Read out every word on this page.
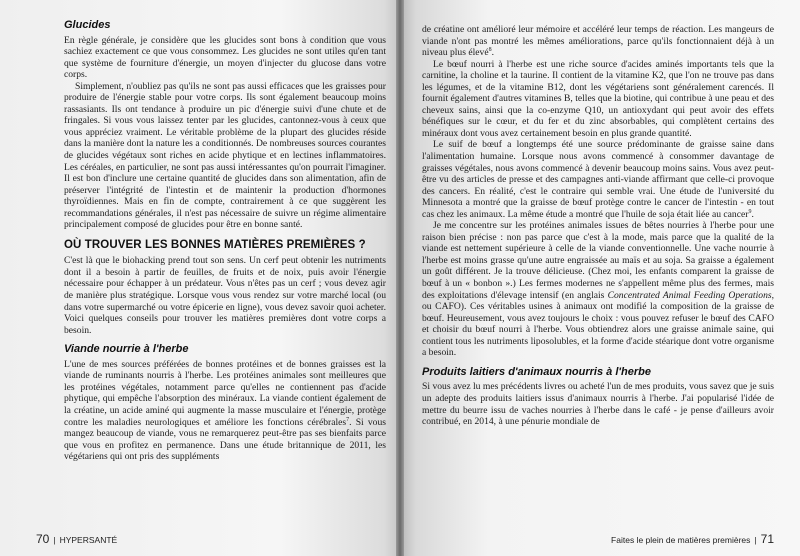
Glucides

En règle générale, je considère que les glucides sont bons à condition que vous sachiez exactement ce que vous consommez. Les glucides ne sont utiles qu'en tant que système de fourniture d'énergie, un moyen d'injecter du glucose dans votre corps.

Simplement, n'oubliez pas qu'ils ne sont pas aussi efficaces que les graisses pour produire de l'énergie stable pour votre corps. Ils sont également beaucoup moins rassasiants. Ils ont tendance à produire un pic d'énergie suivi d'une chute et de fringales. Si vous vous laissez tenter par les glucides, cantonnez-vous à ceux que vous appréciez vraiment. Le véritable problème de la plupart des glucides réside dans la manière dont la nature les a conditionnés. De nombreuses sources courantes de glucides végétaux sont riches en acide phytique et en lectines inflammatoires. Les céréales, en particulier, ne sont pas aussi intéressantes qu'on pourrait l'imaginer. Il est bon d'inclure une certaine quantité de glucides dans son alimentation, afin de préserver l'intégrité de l'intestin et de maintenir la production d'hormones thyroïdiennes. Mais en fin de compte, contrairement à ce que suggèrent les recommandations générales, il n'est pas nécessaire de suivre un régime alimentaire principalement composé de glucides pour être en bonne santé.

OÙ TROUVER LES BONNES MATIÈRES PREMIÈRES ?

C'est là que le biohacking prend tout son sens. Un cerf peut obtenir les nutriments dont il a besoin à partir de feuilles, de fruits et de noix, puis avoir l'énergie nécessaire pour échapper à un prédateur. Vous n'êtes pas un cerf ; vous devez agir de manière plus stratégique. Lorsque vous vous rendez sur votre marché local (ou dans votre supermarché ou votre épicerie en ligne), vous devez savoir quoi acheter. Voici quelques conseils pour trouver les matières premières dont votre corps a besoin.

Viande nourrie à l'herbe

L'une de mes sources préférées de bonnes protéines et de bonnes graisses est la viande de ruminants nourris à l'herbe. Les protéines animales sont meilleures que les protéines végétales, notamment parce qu'elles ne contiennent pas d'acide phytique, qui empêche l'absorption des minéraux. La viande contient également de la créatine, un acide aminé qui augmente la masse musculaire et l'énergie, protège contre les maladies neurologiques et améliore les fonctions cérébrales$^7$. Si vous mangez beaucoup de viande, vous ne remarquerez peut-être pas ses bienfaits parce que vous en profitez en permanence. Dans une étude britannique de 2011, les végétariens qui ont pris des suppléments

70 | HYPERSANTÉ

de créatine ont amélioré leur mémoire et accéléré leur temps de réaction. Les mangeurs de viande n'ont pas montré les mêmes améliorations, parce qu'ils fonctionnaient déjà à un niveau plus élevé$^8$.

Le bœuf nourri à l'herbe est une riche source d'acides aminés importants tels que la carnitine, la choline et la taurine. Il contient de la vitamine K2, que l'on ne trouve pas dans les légumes, et de la vitamine B12, dont les végétariens sont généralement carencés. Il fournit également d'autres vitamines B, telles que la biotine, qui contribue à une peau et des cheveux sains, ainsi que la co-enzyme Q10, un antioxydant qui peut avoir des effets bénéfiques sur le cœur, et du fer et du zinc absorbables, qui complètent certains des minéraux dont vous avez certainement besoin en plus grande quantité.

Le suif de bœuf a longtemps été une source prédominante de graisse saine dans l'alimentation humaine. Lorsque nous avons commencé à consommer davantage de graisses végétales, nous avons commencé à devenir beaucoup moins sains. Vous avez peut-être vu des articles de presse et des campagnes anti-viande affirmant que celle-ci provoque des cancers. En réalité, c'est le contraire qui semble vrai. Une étude de l'université du Minnesota a montré que la graisse de bœuf protège contre le cancer de l'intestin - en tout cas chez les animaux. La même étude a montré que l'huile de soja était liée au cancer$^9$.

Je me concentre sur les protéines animales issues de bêtes nourries à l'herbe pour une raison bien précise : non pas parce que c'est à la mode, mais parce que la qualité de la viande est nettement supérieure à celle de la viande conventionnelle. Une vache nourrie à l'herbe est moins grasse qu'une autre engraissée au maïs et au soja. Sa graisse a également un goût différent. Je la trouve délicieuse. (Chez moi, les enfants comparent la graisse de bœuf à un « bonbon ».) Les fermes modernes ne s'appellent même plus des fermes, mais des exploitations d'élevage intensif (en anglais Concentrated Animal Feeding Operations, ou CAFO). Ces véritables usines à animaux ont modifié la composition de la graisse de bœuf. Heureusement, vous avez toujours le choix : vous pouvez refuser le bœuf des CAFO et choisir du bœuf nourri à l'herbe. Vous obtiendrez alors une graisse animale saine, qui contient tous les nutriments liposolubles, et la forme d'acide stéarique dont votre organisme a besoin.

Produits laitiers d'animaux nourris à l'herbe

Si vous avez lu mes précédents livres ou acheté l'un de mes produits, vous savez que je suis un adepte des produits laitiers issus d'animaux nourris à l'herbe. J'ai popularisé l'idée de mettre du beurre issu de vaches nourries à l'herbe dans le café - je pense d'ailleurs avoir contribué, en 2014, à une pénurie mondiale de

Faites le plein de matières premières | 71
